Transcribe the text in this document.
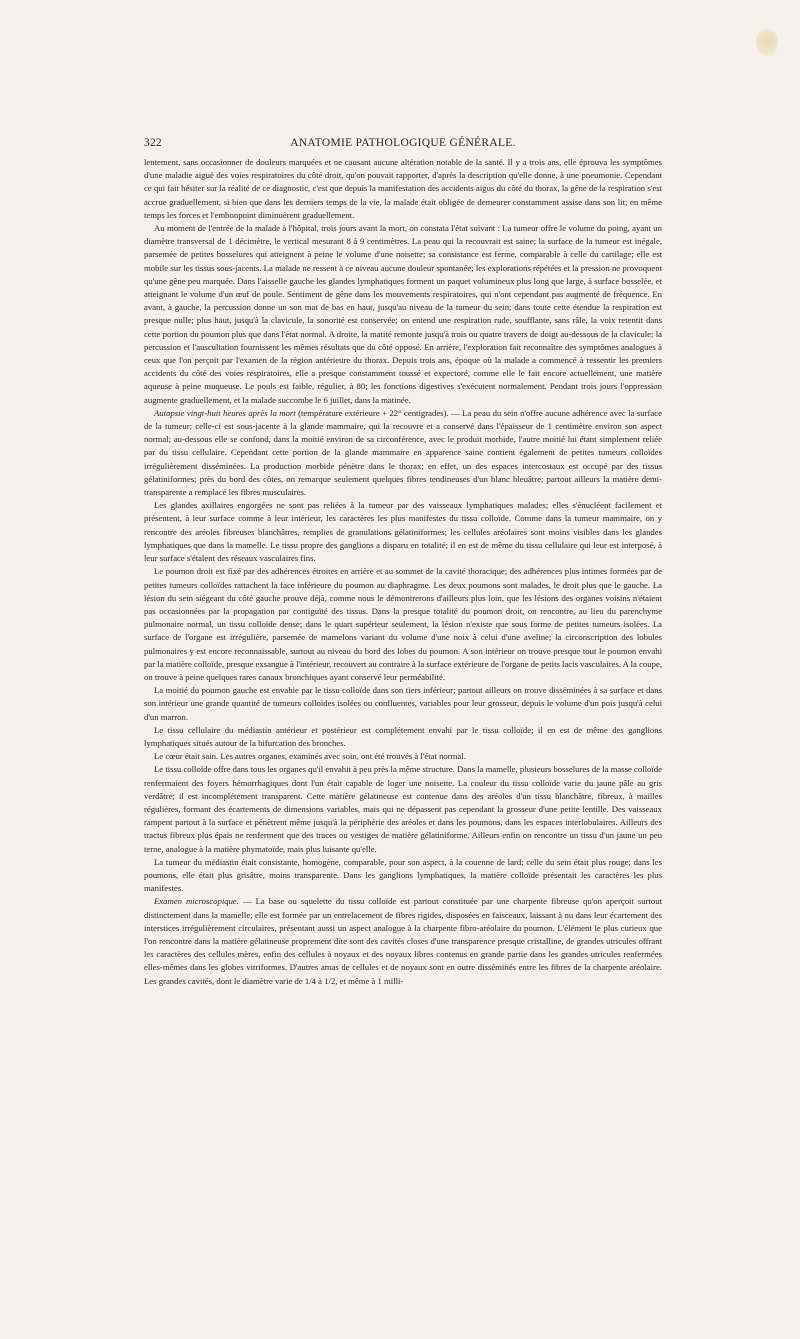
322	ANATOMIE PATHOLOGIQUE GÉNÉRALE.

lentement, sans occasionner de douleurs marquées et ne causant aucune altération notable de la santé. Il y a trois ans, elle éprouva les symptômes d'une maladie aiguë des voies respiratoires du côté droit, qu'on pouvait rapporter, d'après la description qu'elle donne, à une pneumonie. Cependant ce qui fait hésiter sur la réalité de ce diagnostic, c'est que depuis la manifestation des accidents aigus du côté du thorax, la gêne de la respiration s'est accrue graduellement, si bien que dans les derniers temps de la vie, la malade était obligée de demeurer constamment assise dans son lit; en même temps les forces et l'embonpoint diminuèrent graduellement.

Au moment de l'entrée de la malade à l'hôpital, trois jours avant la mort, on constata l'état suivant : La tumeur offre le volume du poing, ayant un diamètre transversal de 1 décimètre, le vertical mesurant 8 à 9 centimètres. La peau qui la recouvrait est saine; la surface de la tumeur est inégale, parsemée de petites bosselures qui atteignent à peine le volume d'une noisette; sa consistance est ferme, comparable à celle du cartilage; elle est mobile sur les tissus sous-jacents. La malade ne ressent à ce niveau aucune douleur spontanée; les explorations répétées et la pression ne provoquent qu'une gêne peu marquée. Dans l'aisselle gauche les glandes lymphatiques forment un paquet volumineux plus long que large, à surface bosselée, et atteignant le volume d'un œuf de poule. Sentiment de gêne dans les mouvements respiratoires, qui n'ont cependant pas augmenté de fréquence. En avant, à gauche, la percussion donne un son mat de bas en haut, jusqu'au niveau de la tumeur du sein; dans toute cette étendue la respiration est presque nulle; plus haut, jusqu'à la clavicule, la sonorité est conservée; on entend une respiration rude, soufflante, sans râle, la voix retentit dans cette portion du poumon plus que dans l'état normal. A droite, la matité remonte jusqu'à trois ou quatre travers de doigt au-dessous de la clavicule; la percussion et l'auscultation fournissent les mêmes résultats que du côté opposé. En arrière, l'exploration fait reconnaître des symptômes analogues à ceux que l'on perçoit par l'examen de la région antérieure du thorax. Depuis trois ans, époque où la malade a commencé à ressentir les premiers accidents du côté des voies respiratoires, elle a presque constamment toussé et expectoré, comme elle le fait encore actuellement, une matière aqueuse à peine muqueuse. Le pouls est faible, régulier, à 80; les fonctions digestives s'exécutent normalement. Pendant trois jours l'oppression augmente graduellement, et la malade succombe le 6 juillet, dans la matinée.

Autopsie vingt-huit heures après la mort (température extérieure + 22° centigrades). — La peau du sein n'offre aucune adhérence avec la surface de la tumeur; celle-ci est sous-jacente à la glande mammaire, qui la recouvre et a conservé dans l'épaisseur de 1 centimètre environ son aspect normal; au-dessous elle se confond, dans la moitié environ de sa circonférence, avec le produit morbide, l'autre moitié lui étant simplement reliée par du tissu cellulaire. Cependant cette portion de la glande mammaire en apparence saine contient également de petites tumeurs colloïdes irrégulièrement disséminées. La production morbide pénètre dans le thorax; en effet, un des espaces intercostaux est occupé par des tissus gélatiniformes; près du bord des côtes, on remarque seulement quelques fibres tendineuses d'un blanc bleuâtre; partout ailleurs la matière demi-transparente a remplacé les fibres musculaires.

Les glandes axillaires engorgées ne sont pas reliées à la tumeur par des vaisseaux lymphatiques malades; elles s'énucléent facilement et présentent, à leur surface comme à leur intérieur, les caractères les plus manifestes du tissu colloïde. Comme dans la tumeur mammaire, on y rencontre des aréoles fibreuses blanchâtres, remplies de granulations gélatiniformes; les cellules aréolaires sont moins visibles dans les glandes lymphatiques que dans la mamelle. Le tissu propre des ganglions a disparu en totalité; il en est de même du tissu cellulaire qui leur est interposé, à leur surface s'étalent des réseaux vasculaires fins.

Le poumon droit est fixé par des adhérences étroites en arrière et au sommet de la cavité thoracique; des adhérences plus intimes formées par de petites tumeurs colloïdes rattachent la face inférieure du poumon au diaphragme. Les deux poumons sont malades, le droit plus que le gauche. La lésion du sein siégeant du côté gauche prouve déjà, comme nous le démontrerons d'ailleurs plus loin, que les lésions des organes voisins n'étaient pas occasionnées par la propagation par contiguïté des tissus. Dans la presque totalité du poumon droit, on rencontre, au lieu du parenchyme pulmonaire normal, un tissu colloïde dense; dans le quart supérieur seulement, la lésion n'existe que sous forme de petites tumeurs isolées. La surface de l'organe est irrégulière, parsemée de mamelons variant du volume d'une noix à celui d'une aveline; la circonscription des lobules pulmonaires y est encore reconnaissable, surtout au niveau du bord des lobes du poumon. A son intérieur on trouve presque tout le poumon envahi par la matière colloïde, presque exsangue à l'intérieur, recouvert au contraire à la surface extérieure de l'organe de petits lacis vasculaires. A la coupe, on trouve à peine quelques rares canaux bronchiques ayant conservé leur perméabilité.

La moitié du poumon gauche est envahie par le tissu colloïde dans son tiers inférieur; partout ailleurs on trouve disséminées à sa surface et dans son intérieur une grande quantité de tumeurs colloïdes isolées ou confluentes, variables pour leur grosseur, depuis le volume d'un pois jusqu'à celui d'un marron.

Le tissu cellulaire du médiastin antérieur et postérieur est complétement envahi par le tissu colloïde; il en est de même des ganglions lymphatiques situés autour de la bifurcation des bronches.

Le cœur était sain. Les autres organes, examinés avec soin, ont été trouvés à l'état normal.

Le tissu colloïde offre dans tous les organes qu'il envahit à peu près la même structure. Dans la mamelle, plusieurs bosselures de la masse colloïde renfermaient des foyers hémorrhagiques dont l'un était capable de loger une noisette. La couleur du tissu colloïde varie du jaune pâle au gris verdâtre; il est incomplétement transparent. Cette matière gélatineuse est contenue dans des aréoles d'un tissu blanchâtre, fibreux, à mailles régulières, formant des écartements de dimensions variables, mais qui ne dépassent pas cependant la grosseur d'une petite lentille. Des vaisseaux rampent partout à la surface et pénètrent même jusqu'à la périphérie des aréoles et dans les poumons, dans les espaces interlobulaires. Ailleurs des tractus fibreux plus épais ne renferment que des traces ou vestiges de matière gélatiniforme. Ailleurs enfin on rencontre un tissu d'un jaune un peu terne, analogue à la matière phymatoïde, mais plus luisante qu'elle.

La tumeur du médiastin était consistante, homogène, comparable, pour son aspect, à la couenne de lard; celle du sein était plus rouge; dans les poumons, elle était plus grisâtre, moins transparente. Dans les ganglions lymphatiques, la matière colloïde présentait les caractères les plus manifestes.

Examen microscopique. — La base ou squelette du tissu colloïde est partout constituée par une charpente fibreuse qu'on aperçoit surtout distinctement dans la mamelle; elle est formée par un entrelacement de fibres rigides, disposées en faisceaux, laissant à nu dans leur écartement des interstices irrégulièrement circulaires, présentant aussi un aspect analogue à la charpente fibro-aréolaire du poumon. L'élément le plus curieux que l'on rencontre dans la matière gélatineuse proprement dite sont des cavités closes d'une transparence presque cristalline, de grandes utricules offrant les caractères des cellules mères, enfin des cellules à noyaux et des noyaux libres contenus en grande partie dans les grandes utricules renfermées elles-mêmes dans les globes vitriformes. D'autres amas de cellules et de noyaux sont en outre disséminés entre les fibres de la charpente aréolaire. Les grandes cavités, dont le diamètre varie de 1/4 à 1/2, et même à 1 milli-
